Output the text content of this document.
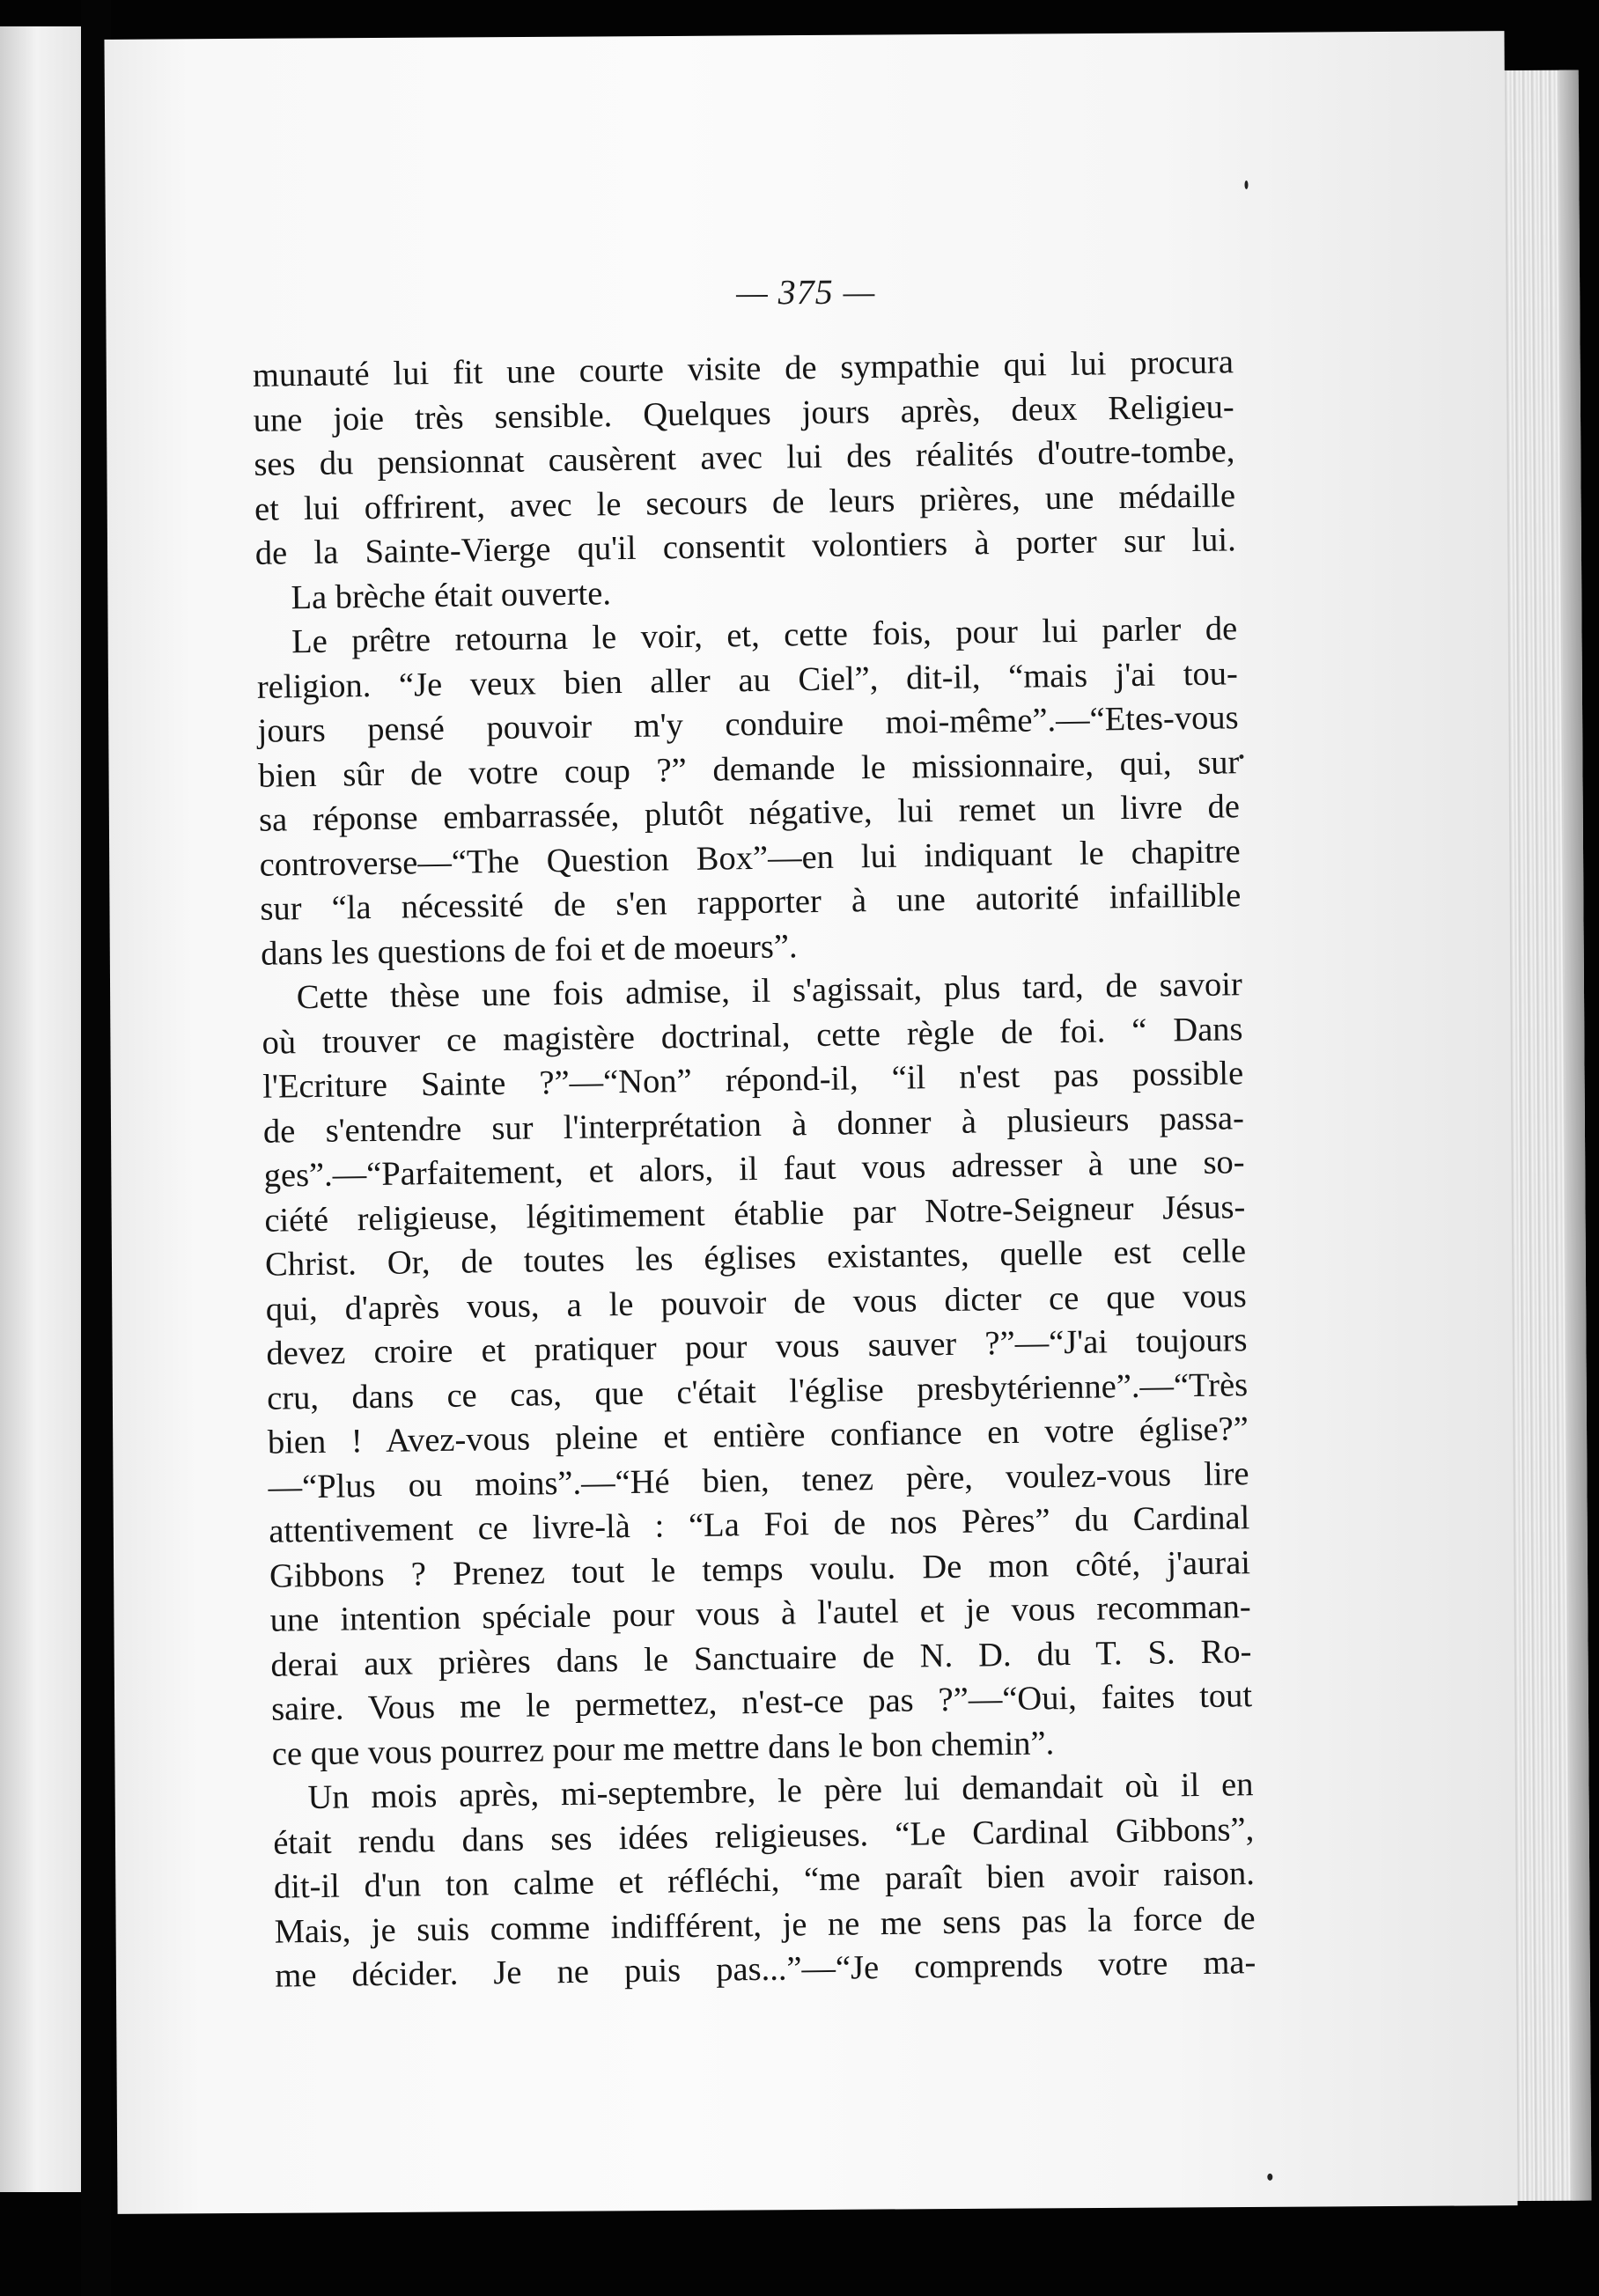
— 375 —
munauté lui fit une courte visite de sympathie qui lui procura
une joie très sensible. Quelques jours après, deux Religieu-
ses du pensionnat causèrent avec lui des réalités d'outre-tombe,
et lui offrirent, avec le secours de leurs prières, une médaille
de la Sainte-Vierge qu'il consentit volontiers à porter sur lui.
La brèche était ouverte.
Le prêtre retourna le voir, et, cette fois, pour lui parler de
religion. “Je veux bien aller au Ciel”, dit-il, “mais j'ai tou-
jours pensé pouvoir m'y conduire moi-même”.—“Etes-vous
bien sûr de votre coup ?” demande le missionnaire, qui, sur
sa réponse embarrassée, plutôt négative, lui remet un livre de
controverse—“The Question Box”—en lui indiquant le chapitre
sur “la nécessité de s'en rapporter à une autorité infaillible
dans les questions de foi et de moeurs”.
Cette thèse une fois admise, il s'agissait, plus tard, de savoir
où trouver ce magistère doctrinal, cette règle de foi. “ Dans
l'Ecriture Sainte ?”—“Non” répond-il, “il n'est pas possible
de s'entendre sur l'interprétation à donner à plusieurs passa-
ges”.—“Parfaitement, et alors, il faut vous adresser à une so-
ciété religieuse, légitimement établie par Notre-Seigneur Jésus-
Christ. Or, de toutes les églises existantes, quelle est celle
qui, d'après vous, a le pouvoir de vous dicter ce que vous
devez croire et pratiquer pour vous sauver ?”—“J'ai toujours
cru, dans ce cas, que c'était l'église presbytérienne”.—“Très
bien ! Avez-vous pleine et entière confiance en votre église?”
—“Plus ou moins”.—“Hé bien, tenez père, voulez-vous lire
attentivement ce livre-là : “La Foi de nos Pères” du Cardinal
Gibbons ? Prenez tout le temps voulu. De mon côté, j'aurai
une intention spéciale pour vous à l'autel et je vous recomman-
derai aux prières dans le Sanctuaire de N. D. du T. S. Ro-
saire. Vous me le permettez, n'est-ce pas ?”—“Oui, faites tout
ce que vous pourrez pour me mettre dans le bon chemin”.
Un mois après, mi-septembre, le père lui demandait où il en
était rendu dans ses idées religieuses. “Le Cardinal Gibbons”,
dit-il d'un ton calme et réfléchi, “me paraît bien avoir raison.
Mais, je suis comme indifférent, je ne me sens pas la force de
me décider. Je ne puis pas...”—“Je comprends votre ma-
